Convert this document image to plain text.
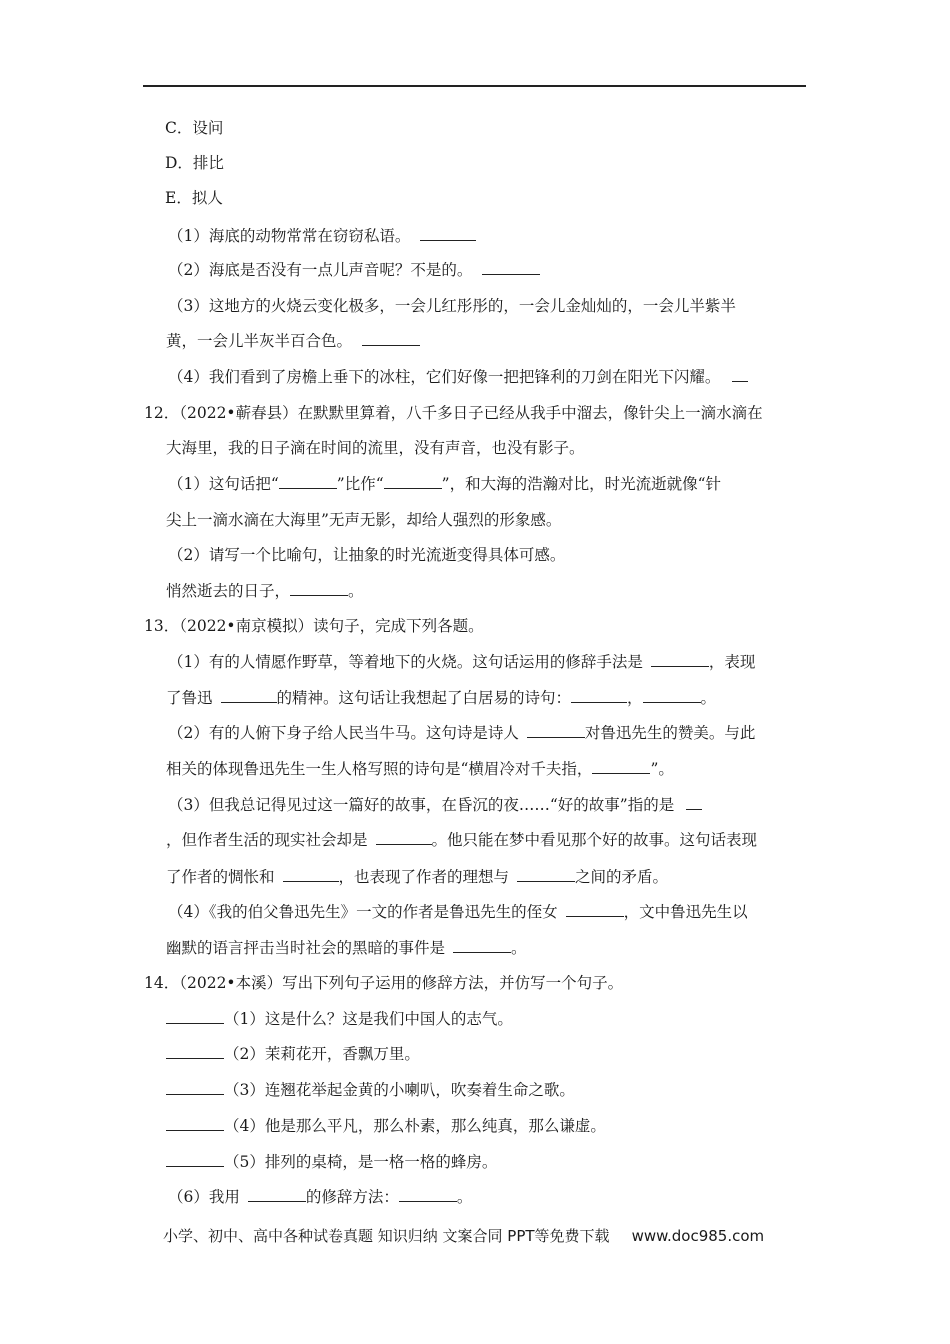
C．设问
D．排比
E．拟人
（1）海底的动物常常在窃窃私语。
（2）海底是否没有一点儿声音呢？不是的。
（3）这地方的火烧云变化极多，一会儿红彤彤的，一会儿金灿灿的，一会儿半紫半
黄，一会儿半灰半百合色。
（4）我们看到了房檐上垂下的冰柱，它们好像一把把锋利的刀剑在阳光下闪耀。
12．（2022•蕲春县）在默默里算着，八千多日子已经从我手中溜去，像针尖上一滴水滴在
大海里，我的日子滴在时间的流里，没有声音，也没有影子。
（1）这句话把“	”比作“	”，和大海的浩瀚对比，时光流逝就像“针
尖上一滴水滴在大海里”无声无影，却给人强烈的形象感。
（2）请写一个比喻句，让抽象的时光流逝变得具体可感。
悄然逝去的日子，	。
13．（2022•南京模拟）读句子，完成下列各题。
（1）有的人情愿作野草，等着地下的火烧。这句话运用的修辞手法是	，表现
了鲁迅	的精神。这句话让我想起了白居易的诗句：	，	。
（2）有的人俯下身子给人民当牛马。这句诗是诗人	对鲁迅先生的赞美。与此
相关的体现鲁迅先生一生人格写照的诗句是“横眉冷对千夫指，	”。
（3）但我总记得见过这一篇好的故事，在昏沉的夜……“好的故事”指的是
，但作者生活的现实社会却是	。他只能在梦中看见那个好的故事。这句话表现
了作者的惆怅和	，也表现了作者的理想与	之间的矛盾。
（4）《我的伯父鲁迅先生》一文的作者是鲁迅先生的侄女	，文中鲁迅先生以
幽默的语言抨击当时社会的黑暗的事件是	。
14．（2022•本溪）写出下列句子运用的修辞方法，并仿写一个句子。
（1）这是什么？这是我们中国人的志气。
（2）茉莉花开，香飘万里。
（3）连翘花举起金黄的小喇叭，吹奏着生命之歌。
（4）他是那么平凡，那么朴素，那么纯真，那么谦虚。
（5）排列的桌椅，是一格一格的蜂房。
（6）我用	的修辞方法：	。
小学、初中、高中各种试卷真题 知识归纳 文案合同 PPT等免费下载 www.doc985.com
